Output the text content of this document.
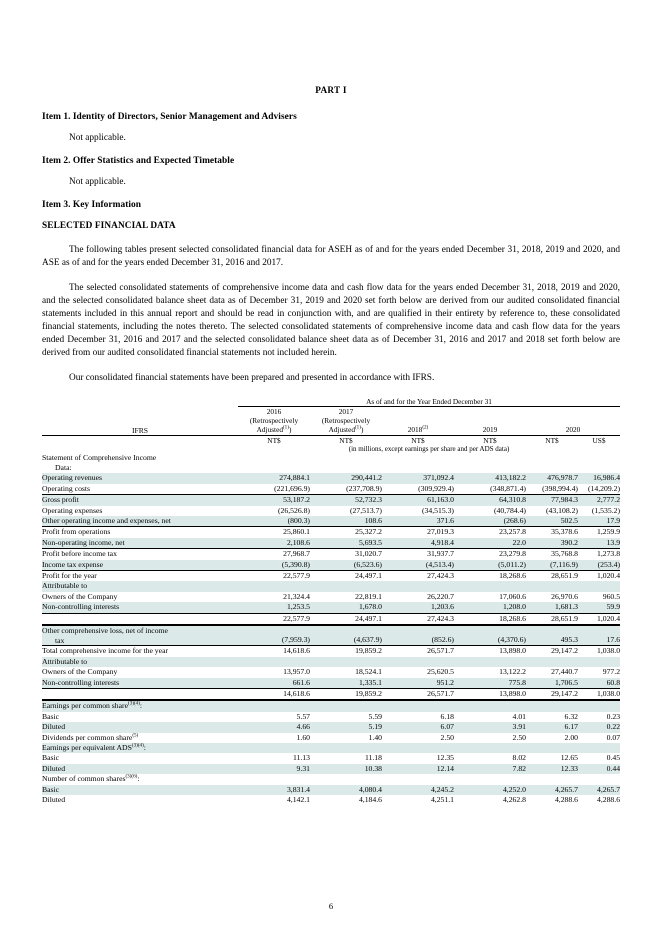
PART I
Item 1. Identity of Directors, Senior Management and Advisers
Not applicable.
Item 2. Offer Statistics and Expected Timetable
Not applicable.
Item 3. Key Information
SELECTED FINANCIAL DATA
The following tables present selected consolidated financial data for ASEH as of and for the years ended December 31, 2018, 2019 and 2020, and ASE as of and for the years ended December 31, 2016 and 2017.
The selected consolidated statements of comprehensive income data and cash flow data for the years ended December 31, 2018, 2019 and 2020, and the selected consolidated balance sheet data as of December 31, 2019 and 2020 set forth below are derived from our audited consolidated financial statements included in this annual report and should be read in conjunction with, and are qualified in their entirety by reference to, these consolidated financial statements, including the notes thereto. The selected consolidated statements of comprehensive income data and cash flow data for the years ended December 31, 2016 and 2017 and the selected consolidated balance sheet data as of December 31, 2016 and 2017 and 2018 set forth below are derived from our audited consolidated financial statements not included herein.
Our consolidated financial statements have been prepared and presented in accordance with IFRS.
	As of and for the Year Ended December 31					
IFRS	2016
(Retrospectively
Adjusted$^{(1)}$)	2017
(Retrospectively
Adjusted$^{(1)}$)	2018$^{(2)}$	2019	2020	
	NT$	NT$	NT$	NT$	NT$	US$
	(in millions, except earnings per share and per ADS data)					
Statement of Comprehensive Income
Data:						
Operating revenues	274,884.1	290,441.2	371,092.4	413,182.2	476,978.7	16,986.4
Operating costs	(221,696.9)	(237,708.9)	(309,929.4)	(348,871.4)	(398,994.4)	(14,209.2)
Gross profit	53,187.2	52,732.3	61,163.0	64,310.8	77,984.3	2,777.2
Operating expenses	(26,526.8)	(27,513.7)	(34,515.3)	(40,784.4)	(43,108.2)	(1,535.2)
Other operating income and expenses, net	(800.3)	108.6	371.6	(268.6)	502.5	17.9
Profit from operations	25,860.1	25,327.2	27,019.3	23,257.8	35,378.6	1,259.9
Non-operating income, net	2,108.6	5,693.5	4,918.4	22.0	390.2	13.9
Profit before income tax	27,968.7	31,020.7	31,937.7	23,279.8	35,768.8	1,273.8
Income tax expense	(5,390.8)	(6,523.6)	(4,513.4)	(5,011.2)	(7,116.9)	(253.4)
Profit for the year	22,577.9	24,497.1	27,424.3	18,268.6	28,651.9	1,020.4
Attributable to						
Owners of the Company	21,324.4	22,819.1	26,220.7	17,060.6	26,970.6	960.5
Non-controlling interests	1,253.5	1,678.0	1,203.6	1,208.0	1,681.3	59.9
	22,577.9	24,497.1	27,424.3	18,268.6	28,651.9	1,020.4
Other comprehensive loss, net of income
tax	(7,959.3)	(4,637.9)	(852.6)	(4,370.6)	495.3	17.6
Total comprehensive income for the year	14,618.6	19,859.2	26,571.7	13,898.0	29,147.2	1,038.0
Attributable to						
Owners of the Company	13,957.0	18,524.1	25,620.5	13,122.2	27,440.7	977.2
Non-controlling interests	661.6	1,335.1	951.2	775.8	1,706.5	60.8
	14,618.6	19,859.2	26,571.7	13,898.0	29,147.2	1,038.0
Earnings per common share$^{(3)(4)}$:						
Basic	5.57	5.59	6.18	4.01	6.32	0.23
Diluted	4.66	5.19	6.07	3.91	6.17	0.22
Dividends per common share$^{(5)}$	1.60	1.40	2.50	2.50	2.00	0.07
Earnings per equivalent $ADS^{(3)(4)}$:						
Basic	11.13	11.18	12.35	8.02	12.65	0.45
Diluted	9.31	10.38	12.14	7.82	12.33	0.44
Number of common shares$^{(3)(6)}$:						
Basic	3,831.4	4,080.4	4,245.2	4,252.0	4,265.7	4,265.7
Diluted	4,142.1	4,184.6	4,251.1	4,262.8	4,288.6	4,288.6
6
